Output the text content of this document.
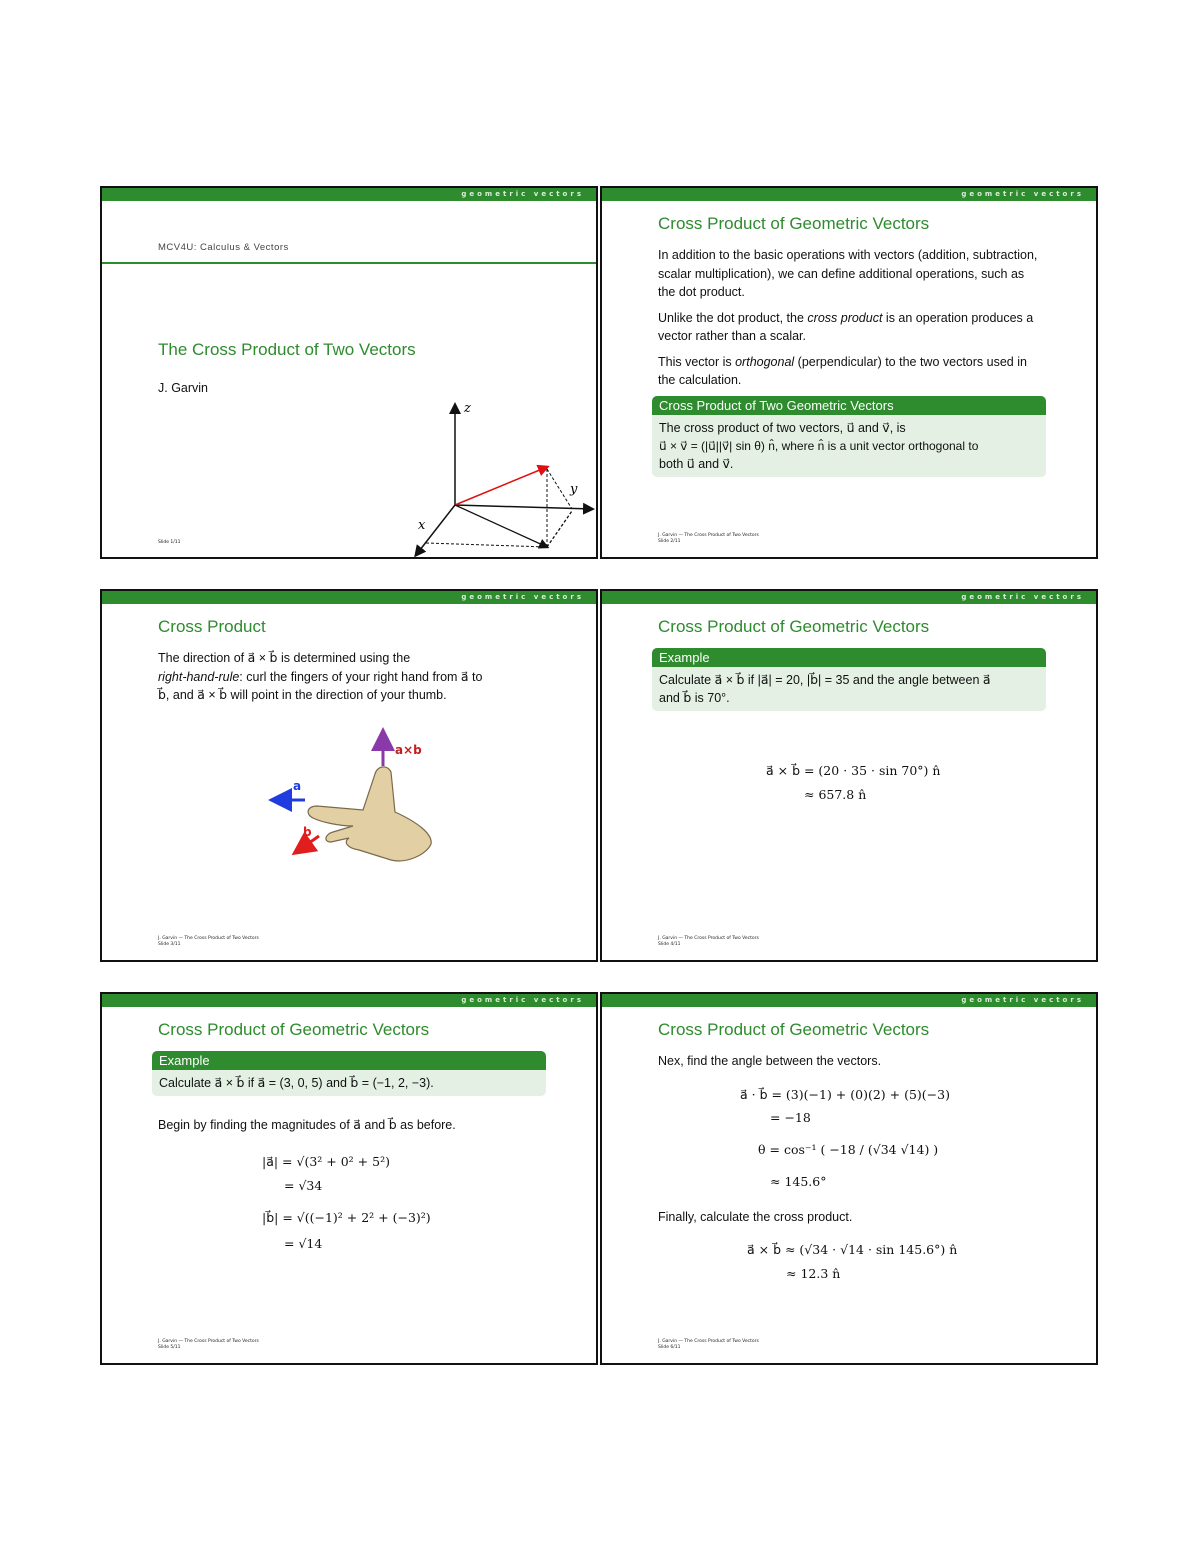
geometric vectors
MCV4U: Calculus & Vectors
The Cross Product of Two Vectors
J. Garvin
z
y
x
Slide 1/11
geometric vectors
Cross Product of Geometric Vectors

In addition to the basic operations with vectors (addition, subtraction, scalar multiplication), we can define additional operations, such as the dot product.

Unlike the dot product, the cross product is an operation produces a vector rather than a scalar.

This vector is orthogonal (perpendicular) to the two vectors used in the calculation.

Cross Product of Two Geometric Vectors
The cross product of two vectors, u⃗ and v⃗, is
u⃗ × v⃗ = (|u⃗||v⃗| sin θ) n̂, where n̂ is a unit vector orthogonal to
both u⃗ and v⃗.
J. Garvin — The Cross Product of Two Vectors
Slide 2/11
geometric vectors
Cross Product
The direction of a⃗ × b⃗ is determined using the
right-hand-rule: curl the fingers of your right hand from a⃗ to
b⃗, and a⃗ × b⃗ will point in the direction of your thumb.
a×b
a
b
J. Garvin — The Cross Product of Two Vectors
Slide 3/11
geometric vectors
Cross Product of Geometric Vectors
Example
Calculate a⃗ × b⃗ if |a⃗| = 20, |b⃗| = 35 and the angle between a⃗
and b⃗ is 70°.
a⃗ × b⃗ = (20 · 35 · sin 70°) n̂
≈ 657.8 n̂
J. Garvin — The Cross Product of Two Vectors
Slide 4/11
geometric vectors
Cross Product of Geometric Vectors
Example
Calculate a⃗ × b⃗ if a⃗ = (3, 0, 5) and b⃗ = (−1, 2, −3).
Begin by finding the magnitudes of a⃗ and b⃗ as before.
|a⃗| = √(3² + 0² + 5²)
= √34
|b⃗| = √((−1)² + 2² + (−3)²)
= √14
J. Garvin — The Cross Product of Two Vectors
Slide 5/11
geometric vectors
Cross Product of Geometric Vectors
Nex, find the angle between the vectors.
a⃗ · b⃗ = (3)(−1) + (0)(2) + (5)(−3)
= −18
θ = cos⁻¹ ( −18 / (√34 √14) )
≈ 145.6°
Finally, calculate the cross product.
a⃗ × b⃗ ≈ (√34 · √14 · sin 145.6°) n̂
≈ 12.3 n̂
J. Garvin — The Cross Product of Two Vectors
Slide 6/11
